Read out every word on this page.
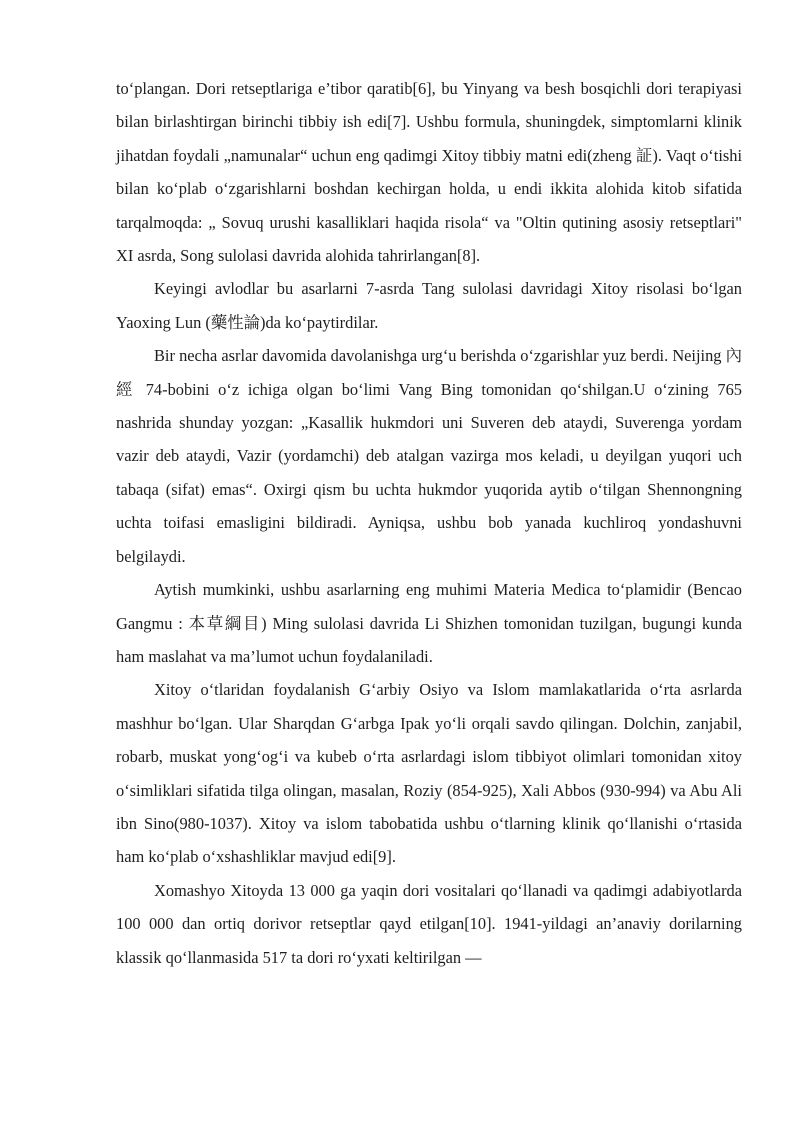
to‘plangan. Dori retseptlariga e’tibor qaratib[6], bu Yinyang va besh bosqichli dori terapiyasi bilan birlashtirgan birinchi tibbiy ish edi[7]. Ushbu formula, shuningdek, simptomlarni klinik jihatdan foydali „namunalar“ uchun eng qadimgi Xitoy tibbiy matni edi(zheng 証). Vaqt o‘tishi bilan ko‘plab o‘zgarishlarni boshdan kechirgan holda, u endi ikkita alohida kitob sifatida tarqalmoqda: „ Sovuq urushi kasalliklari haqida risola“ va "Oltin qutining asosiy retseptlari" XI asrda, Song sulolasi davrida alohida tahrirlangan[8].

Keyingi avlodlar bu asarlarni 7-asrda Tang sulolasi davridagi Xitoy risolasi bo‘lgan Yaoxing Lun (藥性論)da ko‘paytirdilar.

Bir necha asrlar davomida davolanishga urg‘u berishda o‘zgarishlar yuz berdi. Neijing 內經 74-bobini o‘z ichiga olgan bo‘limi Vang Bing tomonidan qo‘shilgan.U o‘zining 765 nashrida shunday yozgan: „Kasallik hukmdori uni Suveren deb ataydi, Suverenga yordam vazir deb ataydi, Vazir (yordamchi) deb atalgan vazirga mos keladi, u deyilgan yuqori uch tabaqa (sifat) emas“. Oxirgi qism bu uchta hukmdor yuqorida aytib o‘tilgan Shennongning uchta toifasi emasligini bildiradi. Ayniqsa, ushbu bob yanada kuchliroq yondashuvni belgilaydi.

Aytish mumkinki, ushbu asarlarning eng muhimi Materia Medica to‘plamidir (Bencao Gangmu : 本草綱目) Ming sulolasi davrida Li Shizhen tomonidan tuzilgan, bugungi kunda ham maslahat va ma’lumot uchun foydalaniladi.

Xitoy o‘tlaridan foydalanish G‘arbiy Osiyo va Islom mamlakatlarida o‘rta asrlarda mashhur bo‘lgan. Ular Sharqdan G‘arbga Ipak yo‘li orqali savdo qilingan. Dolchin, zanjabil, robarb, muskat yong‘og‘i va kubeb o‘rta asrlardagi islom tibbiyot olimlari tomonidan xitoy o‘simliklari sifatida tilga olingan, masalan, Roziy (854-925), Xali Abbos (930-994) va Abu Ali ibn Sino(980-1037). Xitoy va islom tabobatida ushbu o‘tlarning klinik qo‘llanishi o‘rtasida ham ko‘plab o‘xshashliklar mavjud edi[9].

Xomashyo Xitoyda 13 000 ga yaqin dori vositalari qo‘llanadi va qadimgi adabiyotlarda 100 000 dan ortiq dorivor retseptlar qayd etilgan[10]. 1941-yildagi an’anaviy dorilarning klassik qo‘llanmasida 517 ta dori ro‘yxati keltirilgan —
